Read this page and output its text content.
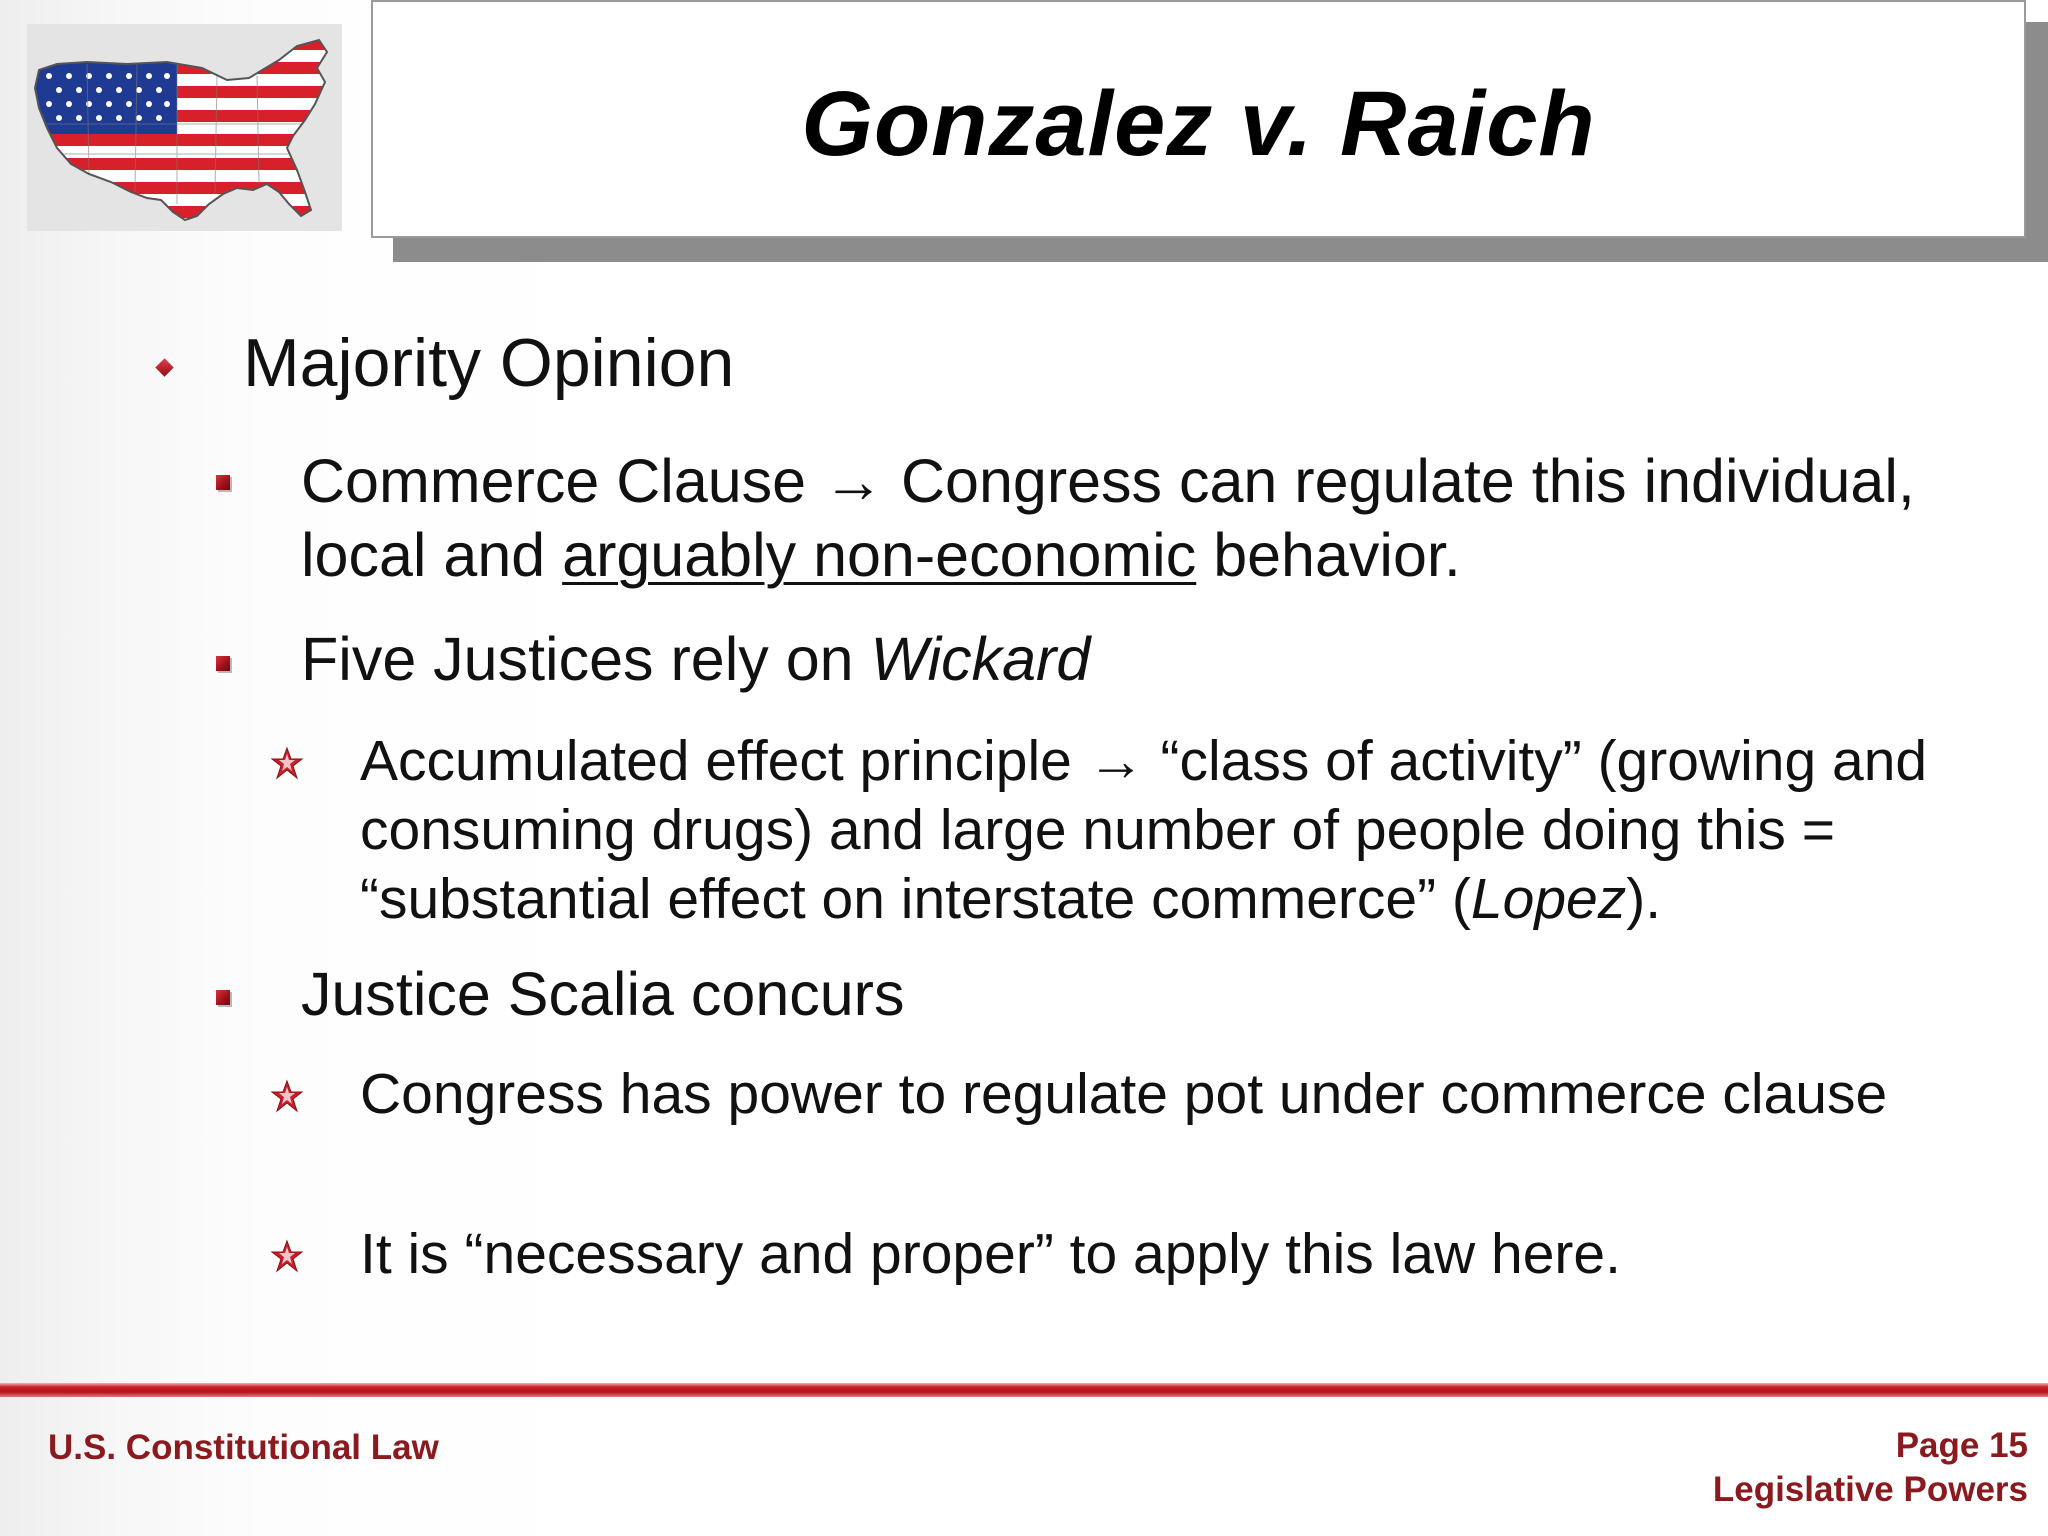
Gonzalez v. Raich
Majority Opinion
Commerce Clause → Congress can regulate this individual, local and arguably non-economic behavior.
Five Justices rely on Wickard
Accumulated effect principle → “class of activity” (growing and consuming drugs) and large number of people doing this = “substantial effect on interstate commerce” (Lopez).
Justice Scalia concurs
Congress has power to regulate pot under commerce clause
It is “necessary and proper” to apply this law here.
U.S. Constitutional Law	Page 15
Legislative Powers
